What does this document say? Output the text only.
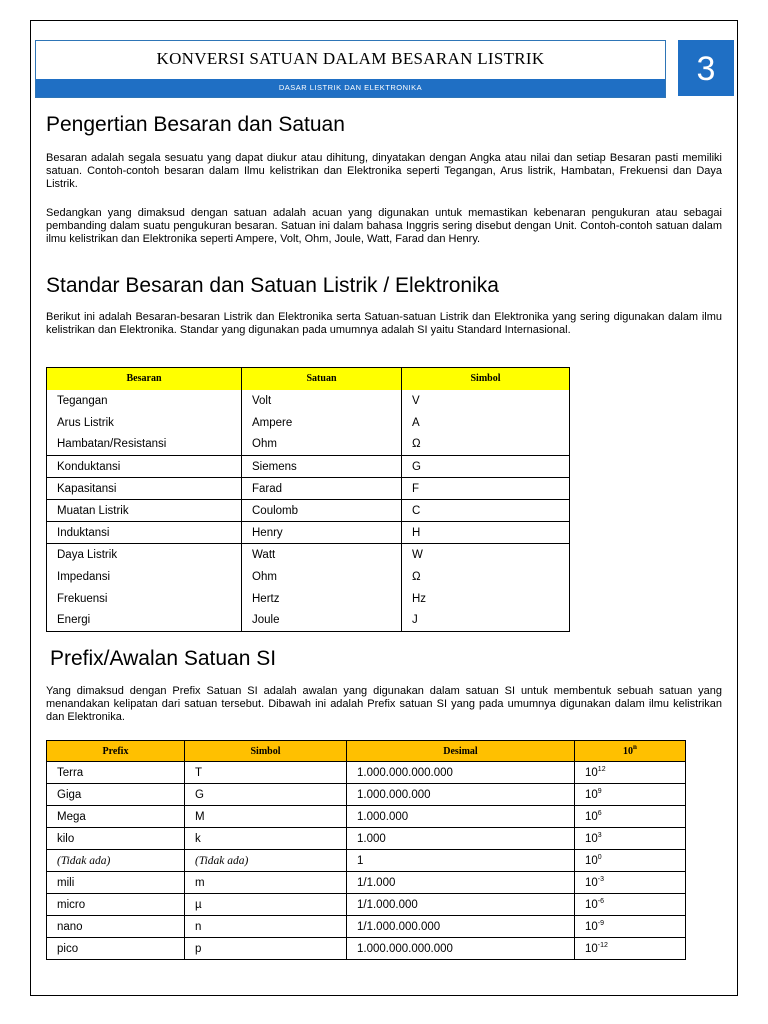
KONVERSI SATUAN DALAM BESARAN LISTRIK
DASAR LISTRIK DAN ELEKTRONIKA	3
Pengertian Besaran dan Satuan

Besaran adalah segala sesuatu yang dapat diukur atau dihitung, dinyatakan dengan Angka atau nilai dan setiap Besaran pasti memiliki satuan. Contoh-contoh besaran dalam Ilmu kelistrikan dan Elektronika seperti Tegangan, Arus listrik, Hambatan, Frekuensi dan Daya Listrik.

Sedangkan yang dimaksud dengan satuan adalah acuan yang digunakan untuk memastikan kebenaran pengukuran atau sebagai pembanding dalam suatu pengukuran besaran. Satuan ini dalam bahasa Inggris sering disebut dengan Unit. Contoh-contoh satuan dalam ilmu kelistrikan dan Elektronika seperti Ampere, Volt, Ohm, Joule, Watt, Farad dan Henry.

Standar Besaran dan Satuan Listrik / Elektronika

Berikut ini adalah Besaran-besaran Listrik dan Elektronika serta Satuan-satuan Listrik dan Elektronika yang sering digunakan dalam ilmu kelistrikan dan Elektronika. Standar yang digunakan pada umumnya adalah SI yaitu Standard Internasional.

Besaran	Satuan	Simbol
Tegangan	Volt	V
Arus Listrik	Ampere	A
Hambatan/Resistansi	Ohm	Ω
Konduktansi	Siemens	G
Kapasitansi	Farad	F
Muatan Listrik	Coulomb	C
Induktansi	Henry	H
Daya Listrik	Watt	W
Impedansi	Ohm	Ω
Frekuensi	Hertz	Hz
Energi	Joule	J
Prefix/Awalan Satuan SI

Yang dimaksud dengan Prefix Satuan SI adalah awalan yang digunakan dalam satuan SI untuk membentuk sebuah satuan yang menandakan kelipatan dari satuan tersebut. Dibawah ini adalah Prefix satuan SI yang pada umumnya digunakan dalam ilmu kelistrikan dan Elektronika.

Prefix	Simbol	Desimal	10$^n$
Terra	T	1.000.000.000.000	$10^{12}$
Giga	G	1.000.000.000	$10^9$
Mega	M	1.000.000	$10^6$
kilo	k	1.000	$10^3$
(Tidak ada)	(Tidak ada)	1	$10^0$
mili	m	1/1.000	$10^{-3}$
micro	µ	1/1.000.000	$10^{-6}$
nano	n	1/1.000.000.000	$10^{-9}$
pico	p	1.000.000.000.000	$10^{-12}$
